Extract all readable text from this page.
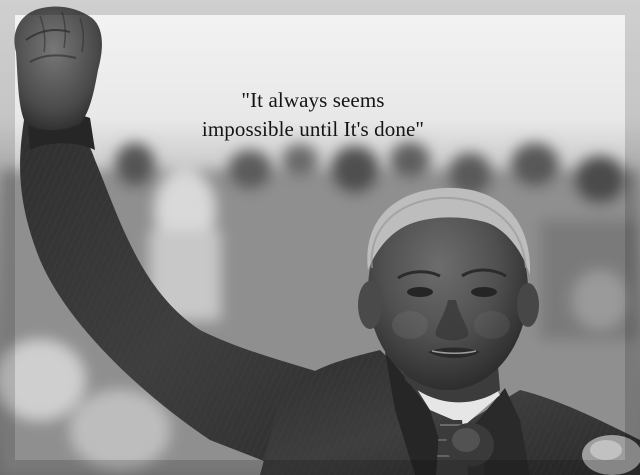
"It always seems
impossible until It's done"
